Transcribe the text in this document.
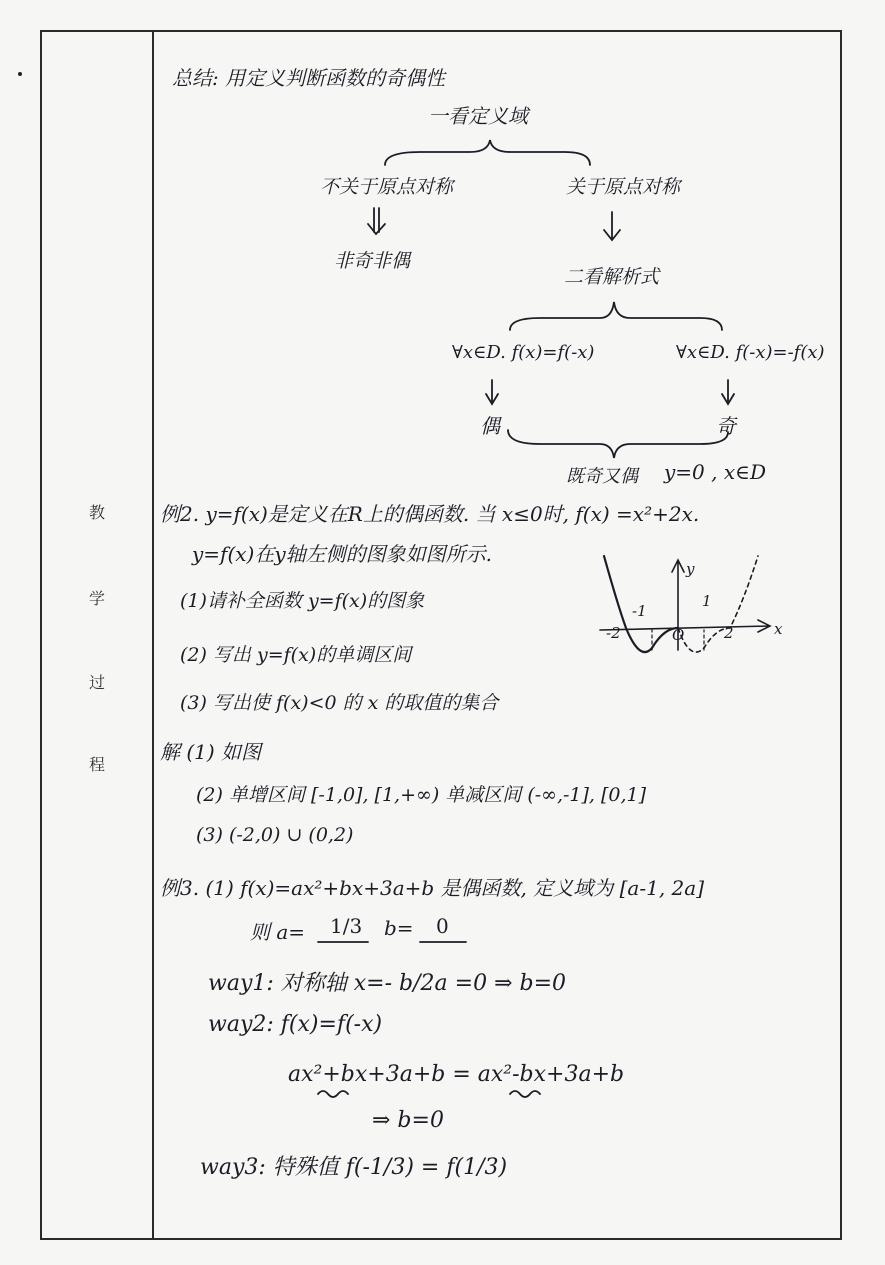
教
学
过
程
总结: 用定义判断函数的奇偶性
一看定义域
不关于原点对称	关于原点对称
非奇非偶
二看解析式
∀x∈D. f(x)=f(-x)	∀x∈D. f(-x)=-f(x)
偶	奇
既奇又偶 y=0 , x∈D
例2. y=f(x)是定义在R上的偶函数. 当 x≤0时, f(x) =x²+2x.
y=f(x)在y轴左侧的图象如图所示.
(1)请补全函数 y=f(x)的图象
(2) 写出 y=f(x)的单调区间
(3) 写出使 f(x)<0 的 x 的取值的集合
解 (1) 如图
(2) 单增区间 [-1,0], [1,+∞) 单减区间 (-∞,-1], [0,1]
(3) (-2,0) ∪ (0,2)
例3. (1) f(x)=ax²+bx+3a+b 是偶函数, 定义域为 [a-1, 2a]
则 a= 1/3 b= 0
way1: 对称轴 x=- b/2a =0 ⇒ b=0
way2: f(x)=f(-x)
ax²+bx+3a+b = ax²-bx+3a+b
⇒ b=0
way3: 特殊值 f(-1/3) = f(1/3)
y
x
-1
-2	O
1
2
